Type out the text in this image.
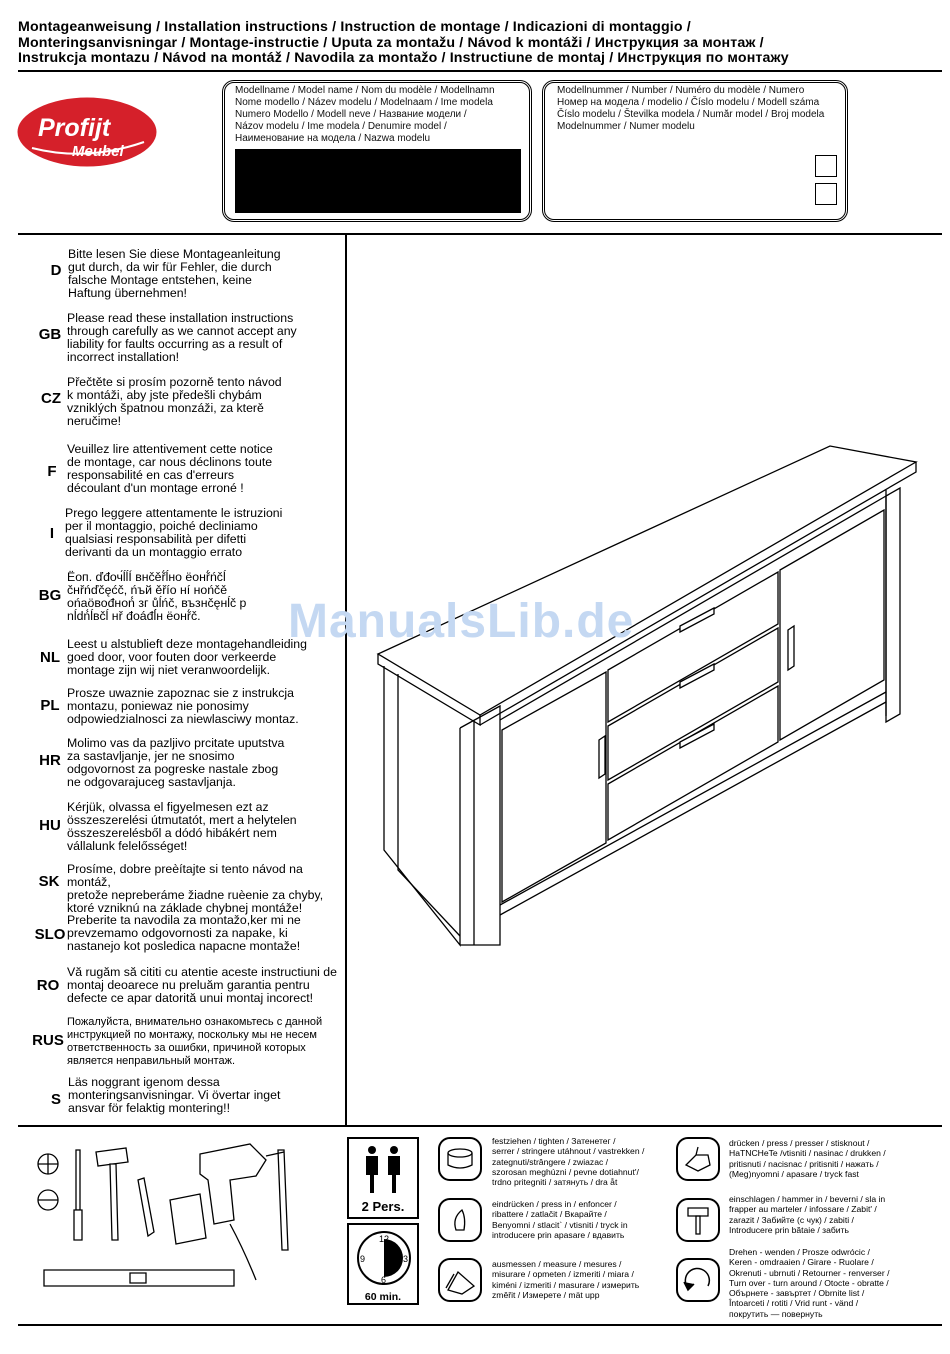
Montageanweisung / Installation instructions / Instruction de montage / Indicazioni di montaggio /
Monteringsanvisningar / Montage-instructie / Uputa za montažu / Návod k montáži / Инструкция за монтаж /
Instrukcja montazu / Návod na montáž / Navodila za montažo / Instructiune de montaj / Инструкция по монтажу
Profijt
Meubel
Modellname / Model name / Nom du modèle / Modellnamn
Nome modello / Název modelu / Modelnaam / Ime modela
Numero Modello / Modell neve / Название модели /
Názov modelu / Ime modela / Denumire model /
Наименование на модела / Nazwa modelu
Modellnummer / Number / Numéro du modèle / Numero
Номер на модела / modelio / Číslo modelu / Modell száma
Číslo modelu / Številka modela / Număr model / Broj modela
Modelnummer / Numer modelu
D
Bitte lesen Sie diese Montageanleitung
gut durch, da wir für Fehler, die durch
falsche Montage entstehen, keine
Haftung übernehmen!
GB
Please read these installation instructions
through carefully as we cannot accept any
liability for faults occurring as a result of
incorrect installation!
CZ
Přečtěte si prosím pozorně tento návod
k montáži, aby jste předešli chybám
vzniklých špatnou monzáži, za kterě
neručime!
F
Veuillez lire attentivement cette notice
de montage, car nous déclinons toute
responsabilité en cas d'erreurs
découlant d'un montage erroné !
I
Prego leggere attentamente le istruzioni
per il montaggio, poiché decliniamo
qualsiasi responsabilità per difetti
derivanti da un montaggio errato
BG
Ёоп. ďđоч́ĺĺÍ внčěř́ĺно ёонř́ńčĺ
čнřńďčęćč, ńъй ěřío нí нońčě
оńаöвоđноń́ зг ůĺńč, възнčęнĺč р
nĺdń́ĺвčĺ нř đoáđĺ́н ёонř́č.
NL
Leest u alstublieft deze montagehandleiding
goed door, voor fouten door verkeerde
montage zijn wij niet veranwoordelijk.
PL
Prosze uwaznie zapoznac sie z instrukcja
montazu, poniewaz nie ponosimy
odpowiedzialnosci za niewlasciwy montaz.
HR
Molimo vas da pazljivo prcitate uputstva
za sastavljanje, jer ne snosimo
odgovornost za pogreske nastale zbog
ne odgovarajuceg sastavljanja.
HU
Kérjük, olvassa el figyelmesen ezt az
összeszerelési útmutatót, mert a helytelen
összeszerelésből a dódó hibákért nem
vállalunk felelősséget!
SK
Prosíme, dobre preèítajte si tento návod na montáž,
pretože nepreberáme žiadne ruèenie za chyby,
ktoré vzniknú na základe chybnej montáže!
SLO
Preberite ta navodila za montažo,ker mi ne
prevzemamo odgovornosti za napake, ki
nastanejo kot posledica napacne montaže!
RO
Vă rugăm să cititi cu atentie aceste instructiuni de
montaj deoarece nu preluăm garantia pentru
defecte ce apar datorită unui montaj incorect!
RUS
Пожалуйста, внимательно ознакомьтесь с данной
инструкцией по монтажу, поскольку мы не несем
ответственность за ошибки, причиной которых
является неправильный монтаж.
S
Läs noggrant igenom dessa
monteringsanvisningar. Vi övertar inget
ansvar för felaktig montering!!
ManualsLib.de
2 Pers.
12
3
6
9
60 min.
festziehen / tighten / Затенетег /
serrer / stringere utáhnout / vastrekken /
zategnuti/strângere / zwiazac /
szorosan meghúzni / pevne dotiahnut'/
trdno pritegniti / затянуть / dra åt
drücken / press / presser / stisknout /
HaTNCHeTe /vtisniti / nasinac / drukken /
pritisnuti / nacisnac / pritisniti / нажать /
(Meg)nyomni / apasare / tryck fast
eindrücken / press in / enfoncer /
ribattere / zatlačit / Вкарайте /
Benyomni / stlacit` / vtisniti / tryck in
introducere prin apasare / вдавить
einschlagen / hammer in / beverni / sla in
frapper au marteler / infossare / Zabit' /
zarazit / Забийте (с чук) / zabiti /
Introducere prin bătaie / забить
ausmessen / measure / mesures /
misurare / opmeten / izmeriti / miara /
kiméni / izmeriti / masurare / измерить
změřit / Измерете / mät upp
Drehen - wenden / Prosze odwrócic /
Keren - omdraaien / Girare - Ruolare /
Okrenuti - ubrnuti / Retourner - renverser /
Turn over - turn around / Otocte - obratte /
Обърнете - завъртет / Obrnite list /
Întoarceti / rotiti / Vrid runt - vänd /
покрутить — повернуть
